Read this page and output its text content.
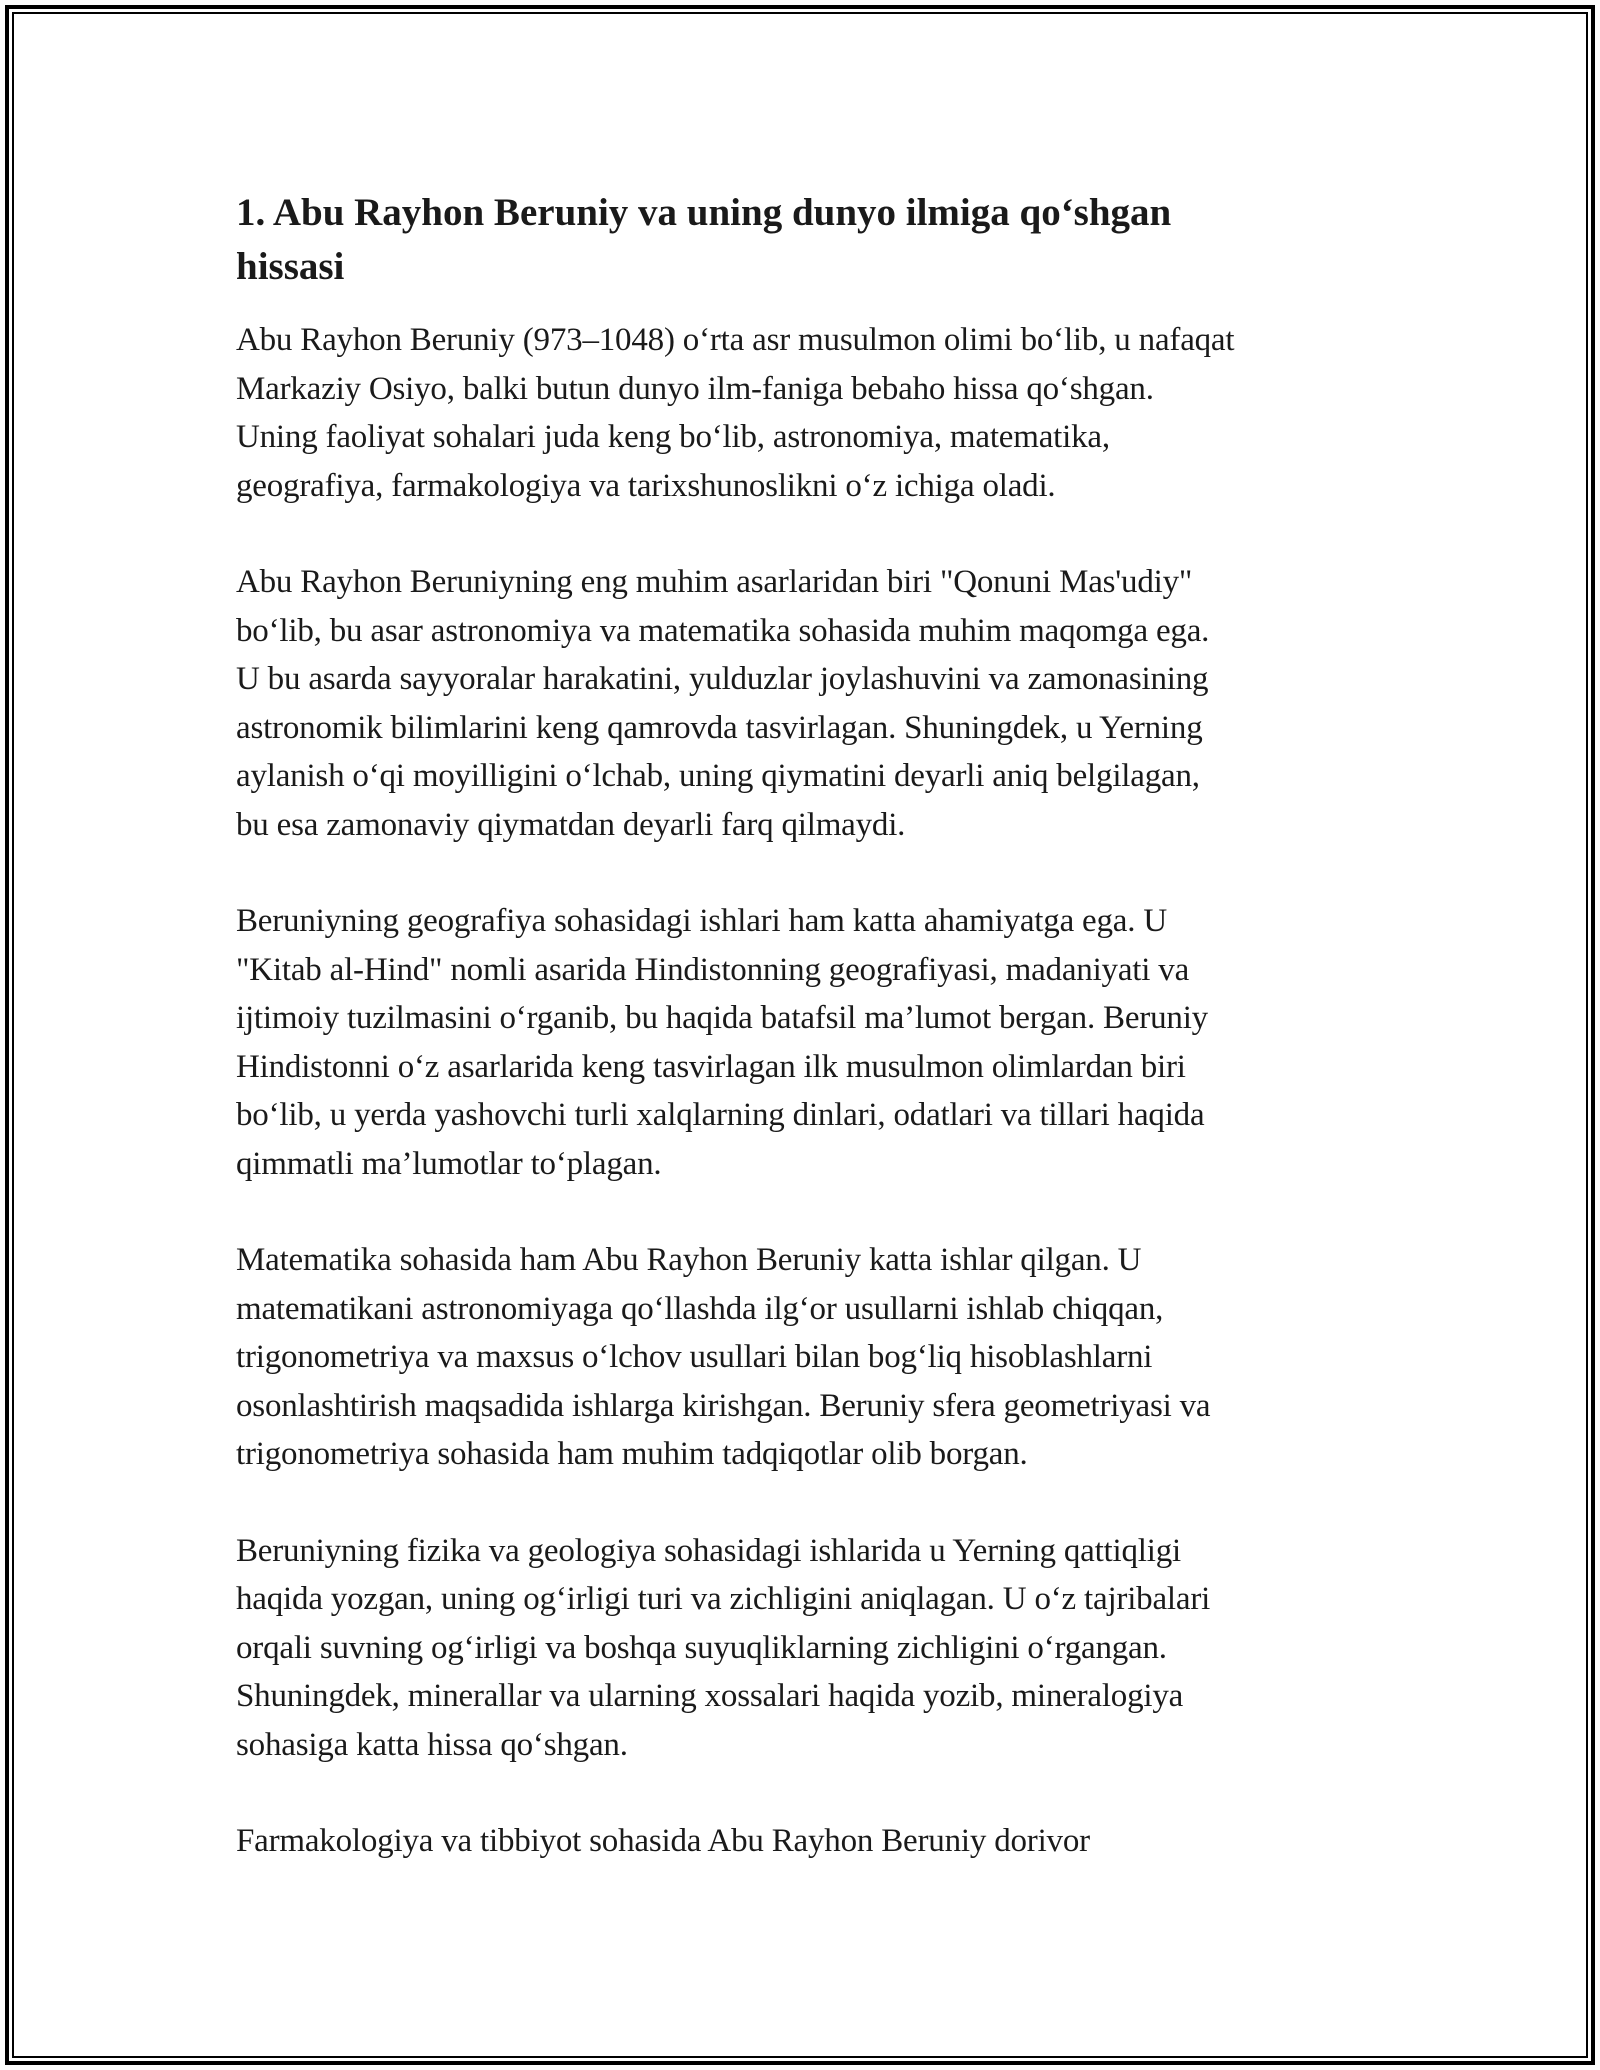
1. Abu Rayhon Beruniy va uning dunyo ilmiga qo‘shgan
hissasi

Abu Rayhon Beruniy (973–1048) o‘rta asr musulmon olimi bo‘lib, u nafaqat
Markaziy Osiyo, balki butun dunyo ilm-faniga bebaho hissa qo‘shgan.
Uning faoliyat sohalari juda keng bo‘lib, astronomiya, matematika,
geografiya, farmakologiya va tarixshunoslikni o‘z ichiga oladi.

Abu Rayhon Beruniyning eng muhim asarlaridan biri "Qonuni Mas'udiy"
bo‘lib, bu asar astronomiya va matematika sohasida muhim maqomga ega.
U bu asarda sayyoralar harakatini, yulduzlar joylashuvini va zamonasining
astronomik bilimlarini keng qamrovda tasvirlagan. Shuningdek, u Yerning
aylanish o‘qi moyilligini o‘lchab, uning qiymatini deyarli aniq belgilagan,
bu esa zamonaviy qiymatdan deyarli farq qilmaydi.

Beruniyning geografiya sohasidagi ishlari ham katta ahamiyatga ega. U
"Kitab al-Hind" nomli asarida Hindistonning geografiyasi, madaniyati va
ijtimoiy tuzilmasini o‘rganib, bu haqida batafsil ma’lumot bergan. Beruniy
Hindistonni o‘z asarlarida keng tasvirlagan ilk musulmon olimlardan biri
bo‘lib, u yerda yashovchi turli xalqlarning dinlari, odatlari va tillari haqida
qimmatli ma’lumotlar to‘plagan.

Matematika sohasida ham Abu Rayhon Beruniy katta ishlar qilgan. U
matematikani astronomiyaga qo‘llashda ilg‘or usullarni ishlab chiqqan,
trigonometriya va maxsus o‘lchov usullari bilan bog‘liq hisoblashlarni
osonlashtirish maqsadida ishlarga kirishgan. Beruniy sfera geometriyasi va
trigonometriya sohasida ham muhim tadqiqotlar olib borgan.

Beruniyning fizika va geologiya sohasidagi ishlarida u Yerning qattiqligi
haqida yozgan, uning og‘irligi turi va zichligini aniqlagan. U o‘z tajribalari
orqali suvning og‘irligi va boshqa suyuqliklarning zichligini o‘rgangan.
Shuningdek, minerallar va ularning xossalari haqida yozib, mineralogiya
sohasiga katta hissa qo‘shgan.

Farmakologiya va tibbiyot sohasida Abu Rayhon Beruniy dorivor
